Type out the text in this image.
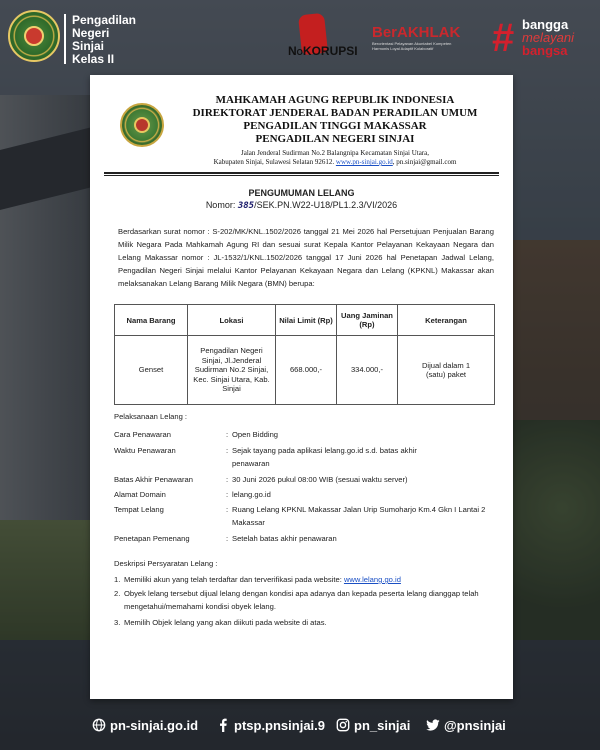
Pengadilan
Negeri
Sinjai
Kelas II
NOKORUPSI
BerAKHLAK
Berorientasi Pelayanan Akuntabel Kompeten
Harmonis Loyal Adaptif Kolaboratif	# bangga
melayani
bangsa
MAHKAMAH AGUNG REPUBLIK INDONESIA
DIREKTORAT JENDERAL BADAN PERADILAN UMUM
PENGADILAN TINGGI MAKASSAR
PENGADILAN NEGERI SINJAI
Jalan Jenderal Sudirman No.2 Balangnipa Kecamatan Sinjai Utara,
Kabupaten Sinjai, Sulawesi Selatan 92612. www.pn-sinjai.go.id, pn.sinjai@gmail.com
PENGUMUMAN LELANG
Nomor: 385/SEK.PN.W22-U18/PL1.2.3/VI/2026
Berdasarkan surat nomor : S-202/MK/KNL.1502/2026 tanggal 21 Mei 2026 hal Persetujuan Penjualan Barang Milik Negara Pada Mahkamah Agung RI dan sesuai surat Kepala Kantor Pelayanan Kekayaan Negara dan Lelang Makassar nomor : JL-1532/1/KNL.1502/2026 tanggal 17 Juni 2026 hal Penetapan Jadwal Lelang, Pengadilan Negeri Sinjai melalui Kantor Pelayanan Kekayaan Negara dan Lelang (KPKNL) Makassar akan melaksanakan Lelang Barang Milik Negara (BMN) berupa:
Nama Barang	Lokasi	Nilai Limit (Rp)	Uang Jaminan (Rp)	Keterangan
Genset	Pengadilan Negeri Sinjai, Jl.Jenderal Sudirman No.2 Sinjai, Kec. Sinjai Utara, Kab. Sinjai	668.000,-	334.000,-	Dijual dalam 1 (satu) paket
Pelaksanaan Lelang :
Cara Penawaran	: Open Bidding
Waktu Penawaran	: Sejak tayang pada aplikasi lelang.go.id s.d. batas akhir penawaran
Batas Akhir Penawaran	: 30 Juni 2026 pukul 08:00 WIB (sesuai waktu server)
Alamat Domain	: lelang.go.id
Tempat Lelang	: Ruang Lelang KPKNL Makassar Jalan Urip Sumoharjo Km.4 Gkn I Lantai 2 Makassar
Penetapan Pemenang	: Setelah batas akhir penawaran
Deskripsi Persyaratan Lelang :
1. Memiliki akun yang telah terdaftar dan terverifikasi pada website: www.lelang.go.id
2. Obyek lelang tersebut dijual lelang dengan kondisi apa adanya dan kepada peserta lelang dianggap telah mengetahui/memahami kondisi obyek lelang.
3. Memilih Objek lelang yang akan diikuti pada website di atas.
pn-sinjai.go.id	ptsp.pnsinjai.9	pn_sinjai	@pnsinjai
